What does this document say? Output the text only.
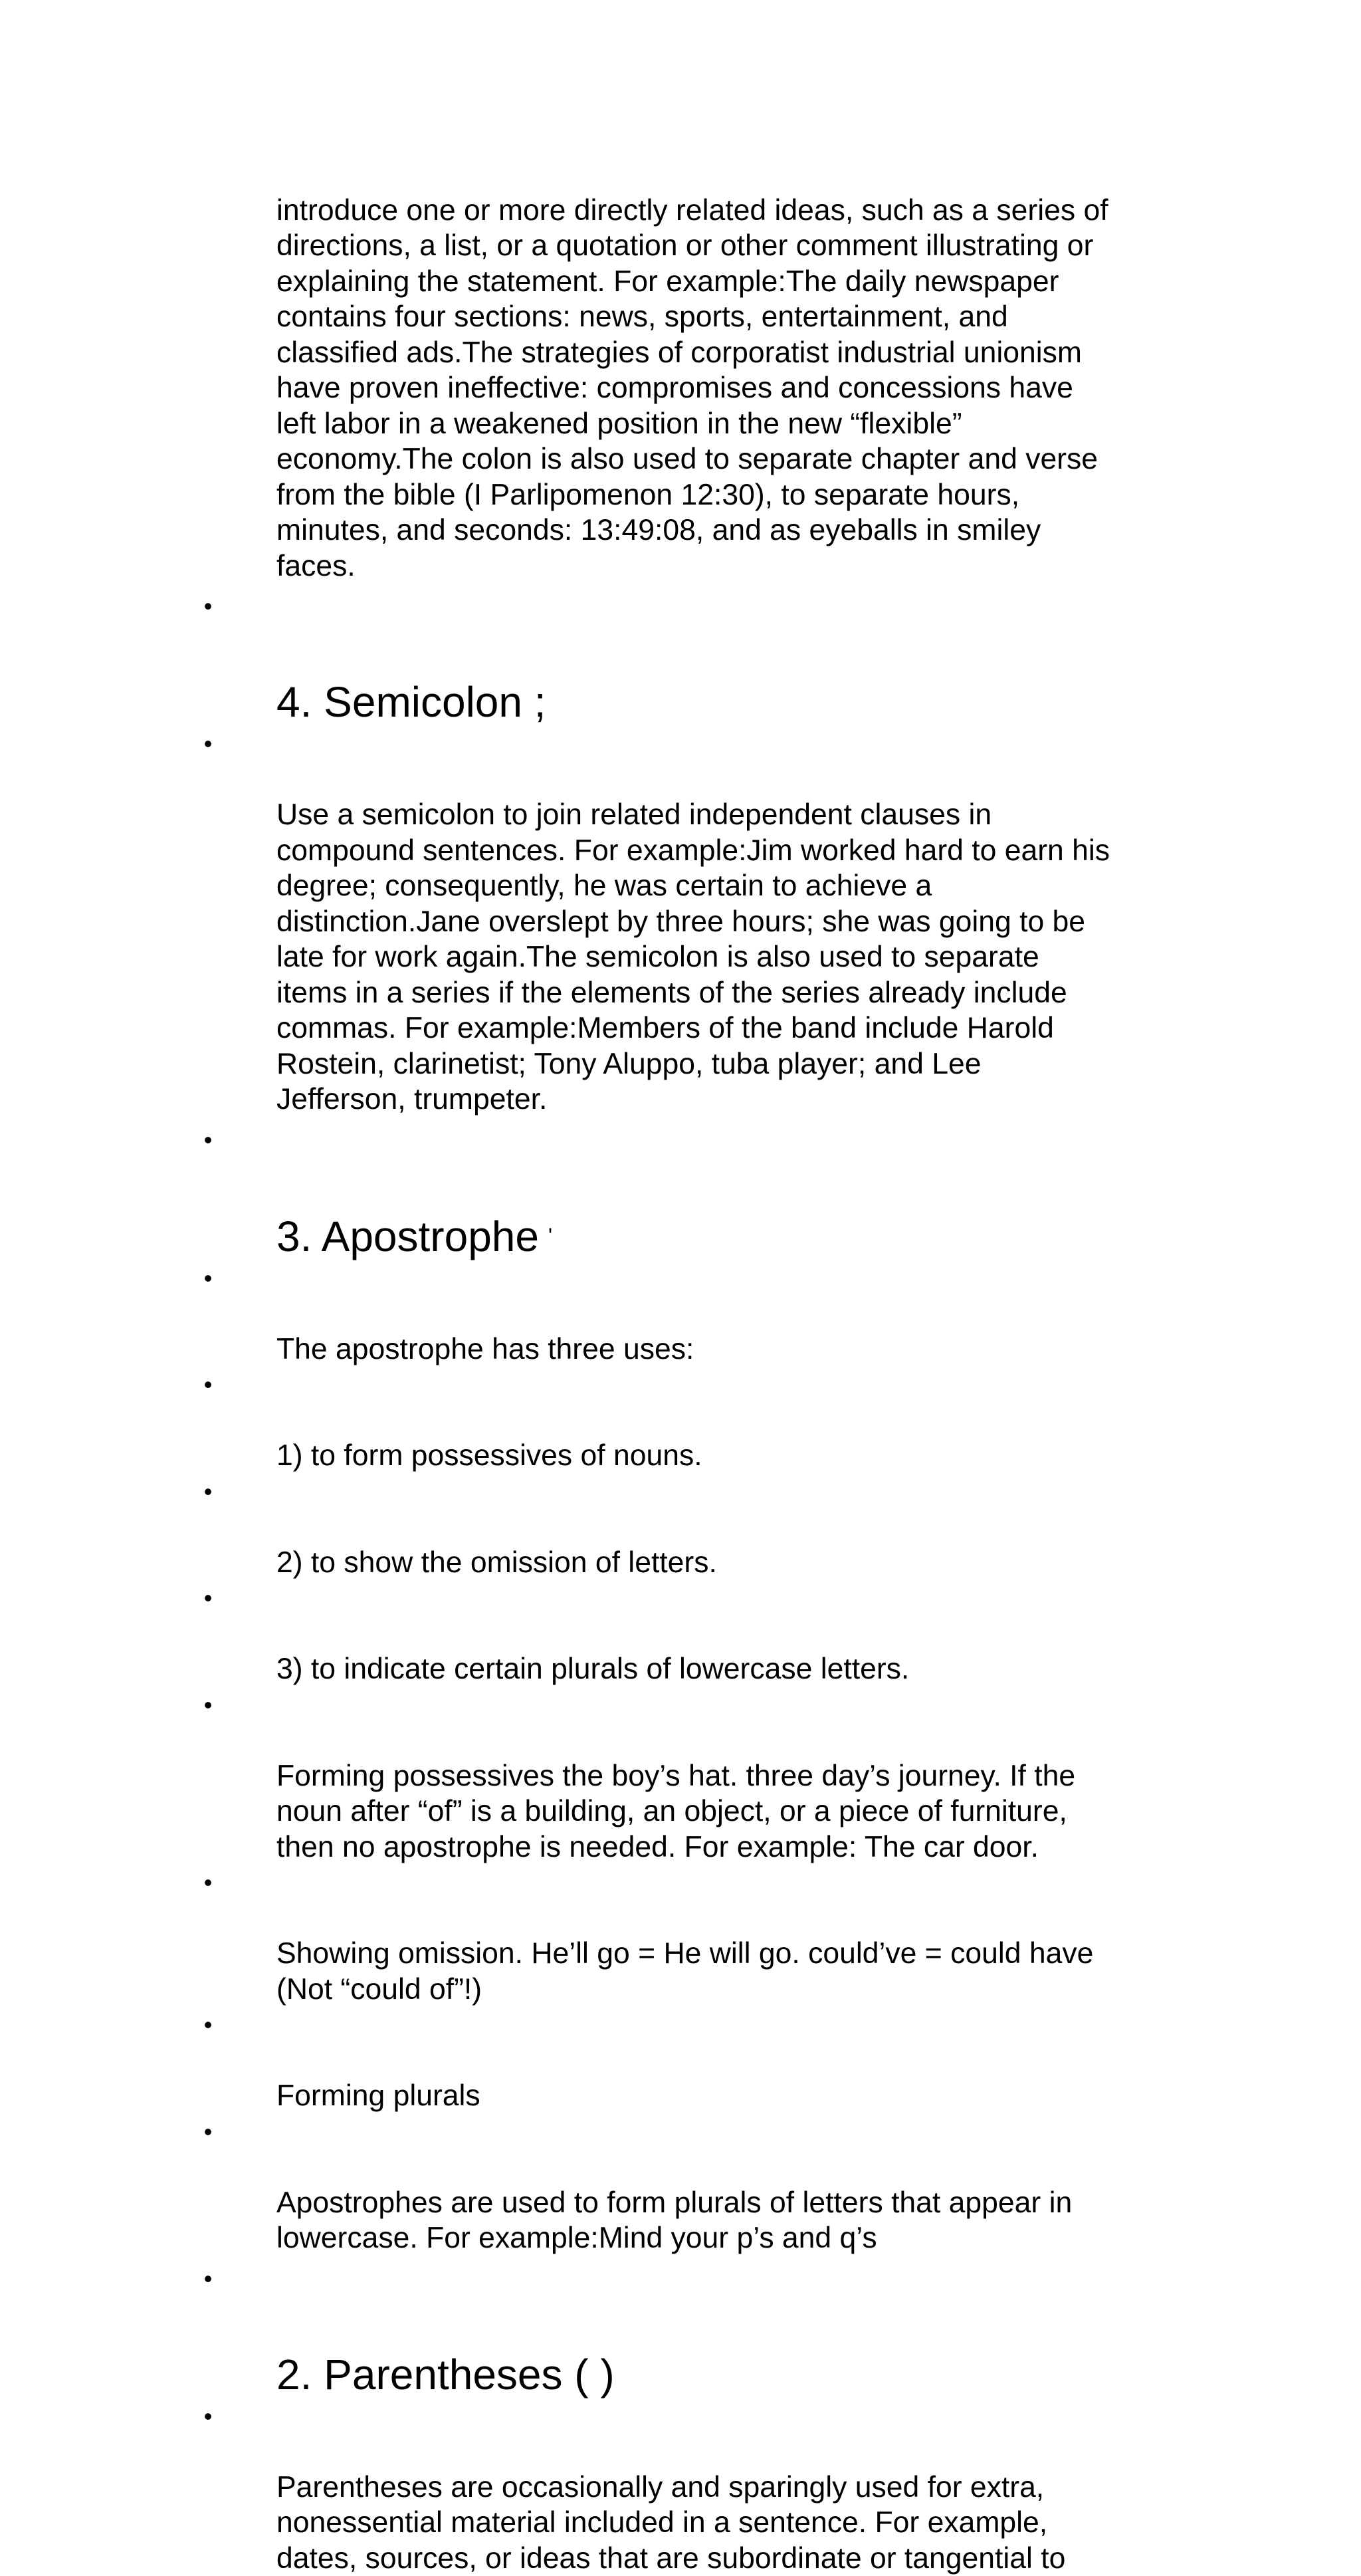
introduce one or more directly related ideas, such as a series of
directions, a list, or a quotation or other comment illustrating or
explaining the statement. For example:The daily newspaper
contains four sections: news, sports, entertainment, and
classified ads.The strategies of corporatist industrial unionism
have proven ineffective: compromises and concessions have
left labor in a weakened position in the new “flexible”
economy.The colon is also used to separate chapter and verse
from the bible (I Parlipomenon 12:30), to separate hours,
minutes, and seconds: 13:49:08, and as eyeballs in smiley
faces.

•

4. Semicolon ;

•

Use a semicolon to join related independent clauses in
compound sentences. For example:Jim worked hard to earn his
degree; consequently, he was certain to achieve a
distinction.Jane overslept by three hours; she was going to be
late for work again.The semicolon is also used to separate
items in a series if the elements of the series already include
commas. For example:Members of the band include Harold
Rostein, clarinetist; Tony Aluppo, tuba player; and Lee
Jefferson, trumpeter.

•

3. Apostrophe '

•

The apostrophe has three uses:

•

1) to form possessives of nouns.

•

2) to show the omission of letters.

•

3) to indicate certain plurals of lowercase letters.

•

Forming possessives the boy’s hat. three day’s journey. If the
noun after “of” is a building, an object, or a piece of furniture,
then no apostrophe is needed. For example: The car door.

•

Showing omission. He’ll go = He will go. could’ve = could have
(Not “could of”!)

•

Forming plurals

•

Apostrophes are used to form plurals of letters that appear in
lowercase. For example:Mind your p’s and q’s

•

2. Parentheses ( )

•

Parentheses are occasionally and sparingly used for extra,
nonessential material included in a sentence. For example,
dates, sources, or ideas that are subordinate or tangential to
